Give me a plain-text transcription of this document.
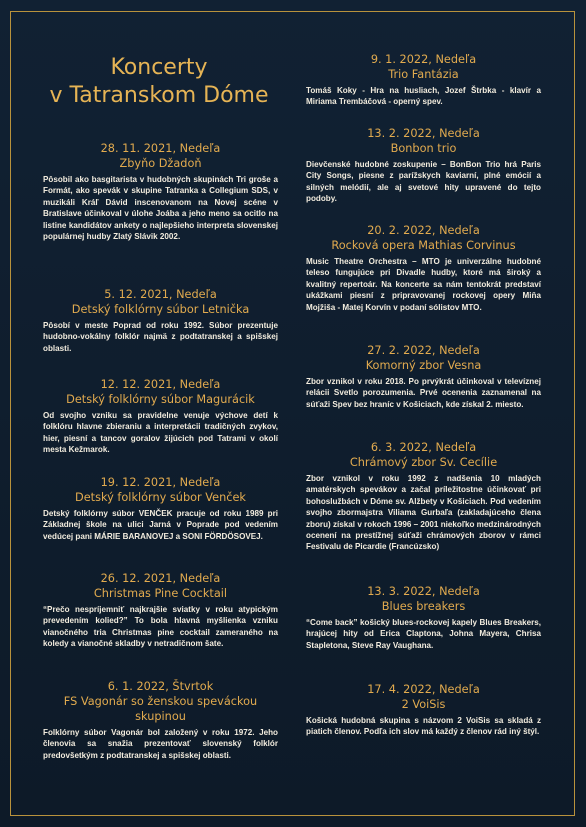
Koncerty
v Tatranskom Dóme

28. 11. 2021, Nedeľa

Zbyňo Džadoň

Pôsobil ako basgitarista v hudobných skupinách Tri groše a Formát, ako spevák v skupine Tatranka a Collegium SDS, v muzikáli Kráľ Dávid inscenovanom na Novej scéne v Bratislave účinkoval v úlohe Joába a jeho meno sa ocitlo na listine kandidátov ankety o najlepšieho interpreta slovenskej populárnej hudby Zlatý Slávik 2002.

5. 12. 2021, Nedeľa

Detský folklórny súbor Letnička

Pôsobí v meste Poprad od roku 1992. Súbor prezentuje hudobno-vokálny folklór najmä z podtatranskej a spišskej oblasti.

12. 12. 2021, Nedeľa

Detský folklórny súbor Magurácik

Od svojho vzniku sa pravidelne venuje výchove detí k folklóru hlavne zbieraniu a interpretácii tradičných zvykov, hier, piesní a tancov goralov žijúcich pod Tatrami v okolí mesta Kežmarok.

19. 12. 2021, Nedeľa

Detský folklórny súbor Venček

Detský folklórny súbor VENČEK pracuje od roku 1989 pri Základnej škole na ulici Jarná v Poprade pod vedením vedúcej pani MÁRIE BARANOVEJ a SONI FÖRDÖSOVEJ.

26. 12. 2021, Nedeľa

Christmas Pine Cocktail

“Prečo nespríjemniť najkrajšie sviatky v roku atypickým prevedením kolied?” To bola hlavná myšlienka vzniku vianočného tria Christmas pine cocktail zameraného na koledy a vianočné skladby v netradičnom šate.

6. 1. 2022, Štvrtok

FS Vagonár so ženskou speváckou skupinou

Folklórny súbor Vagonár bol založený v roku 1972. Jeho členovia sa snažia prezentovať slovenský folklór predovšetkým z podtatranskej a spišskej oblasti.

9. 1. 2022, Nedeľa

Trio Fantázia

Tomáš Koky - Hra na husliach, Jozef Štrbka - klavír a Miriama Trembáčová - operný spev.

13. 2. 2022, Nedeľa

Bonbon trio

Dievčenské hudobné zoskupenie – BonBon Trio hrá Paris City Songs, piesne z parížskych kaviarní, plné emócií a silných melódií, ale aj svetové hity upravené do tejto podoby.

20. 2. 2022, Nedeľa

Rocková opera Mathias Corvinus

Music Theatre Orchestra – MTO je univerzálne hudobné teleso fungujúce pri Divadle hudby, ktoré má široký a kvalitný repertoár. Na koncerte sa nám tentokrát predstaví ukážkami piesní z pripravovanej rockovej opery Miňa Mojžiša - Matej Korvín v podaní sólistov MTO.

27. 2. 2022, Nedeľa

Komorný zbor Vesna

Zbor vznikol v roku 2018. Po prvýkrát účinkoval v televíznej relácii Svetlo porozumenia. Prvé ocenenia zaznamenal na súťaži Spev bez hraníc v Košiciach, kde získal 2. miesto.

6. 3. 2022, Nedeľa

Chrámový zbor Sv. Cecílie

Zbor vznikol v roku 1992 z nadšenia 10 mladých amatérskych spevákov a začal príležitostne účinkovať pri bohoslužbách v Dóme sv. Alžbety v Košiciach. Pod vedením svojho zbormajstra Viliama Gurbaľa (zakladajúceho člena zboru) získal v rokoch 1996 – 2001 niekoľko medzinárodných ocenení na prestížnej súťaži chrámových zborov v rámci Festivalu de Picardie (Francúzsko)

13. 3. 2022, Nedeľa

Blues breakers

“Come back” košický blues-rockovej kapely Blues Breakers, hrajúcej hity od Erica Claptona, Johna Mayera, Chrisa Stapletona, Steve Ray Vaughana.

17. 4. 2022, Nedeľa

2 VoiSis

Košická hudobná skupina s názvom 2 VoiSis sa skladá z piatich členov. Podľa ich slov má každý z členov rád iný štýl.
